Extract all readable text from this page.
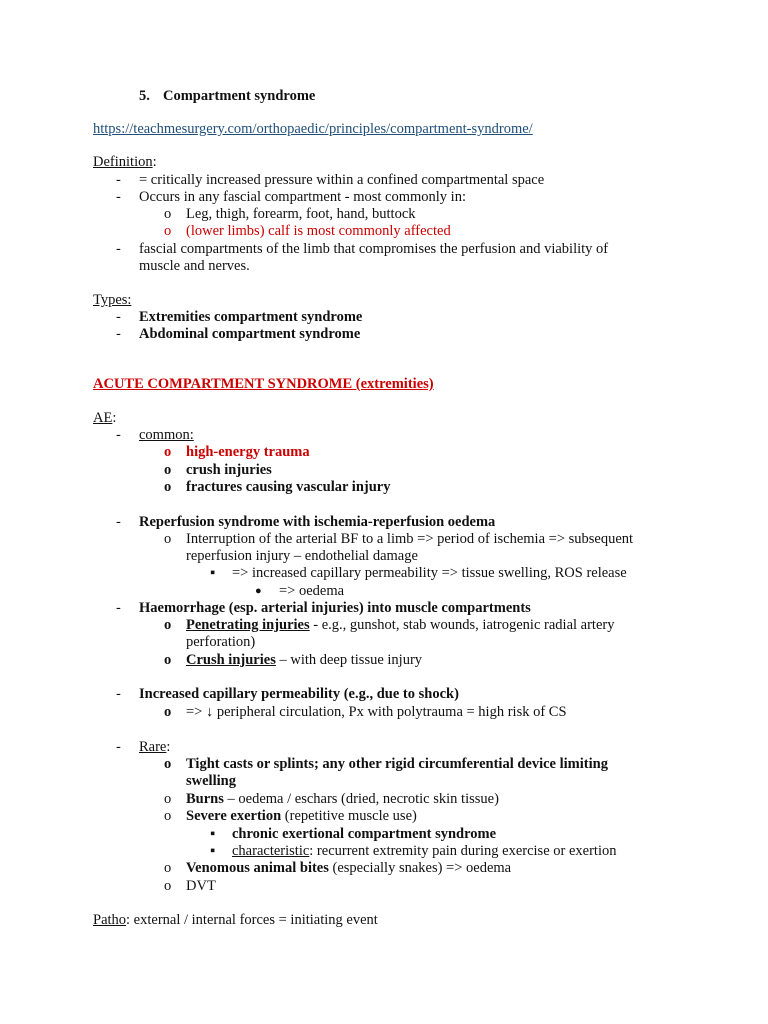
5. Compartment syndrome
https://teachmesurgery.com/orthopaedic/principles/compartment-syndrome/
Definition:
- = critically increased pressure within a confined compartmental space
- Occurs in any fascial compartment - most commonly in:
o Leg, thigh, forearm, foot, hand, buttock
o (lower limbs) calf is most commonly affected
- fascial compartments of the limb that compromises the perfusion and viability of
muscle and nerves.
Types:
- Extremities compartment syndrome
- Abdominal compartment syndrome
ACUTE COMPARTMENT SYNDROME (extremities)
AE:
- common:
o high-energy trauma
o crush injuries
o fractures causing vascular injury
- Reperfusion syndrome with ischemia-reperfusion oedema
o Interruption of the arterial BF to a limb => period of ischemia => subsequent
reperfusion injury – endothelial damage
▪ => increased capillary permeability => tissue swelling, ROS release
● => oedema
- Haemorrhage (esp. arterial injuries) into muscle compartments
o Penetrating injuries - e.g., gunshot, stab wounds, iatrogenic radial artery
perforation)
o Crush injuries – with deep tissue injury
- Increased capillary permeability (e.g., due to shock)
o => ↓ peripheral circulation, Px with polytrauma = high risk of CS
- Rare:
o Tight casts or splints; any other rigid circumferential device limiting
swelling
o Burns – oedema / eschars (dried, necrotic skin tissue)
o Severe exertion (repetitive muscle use)
▪ chronic exertional compartment syndrome
▪ characteristic: recurrent extremity pain during exercise or exertion
o Venomous animal bites (especially snakes) => oedema
o DVT
Patho: external / internal forces = initiating event
